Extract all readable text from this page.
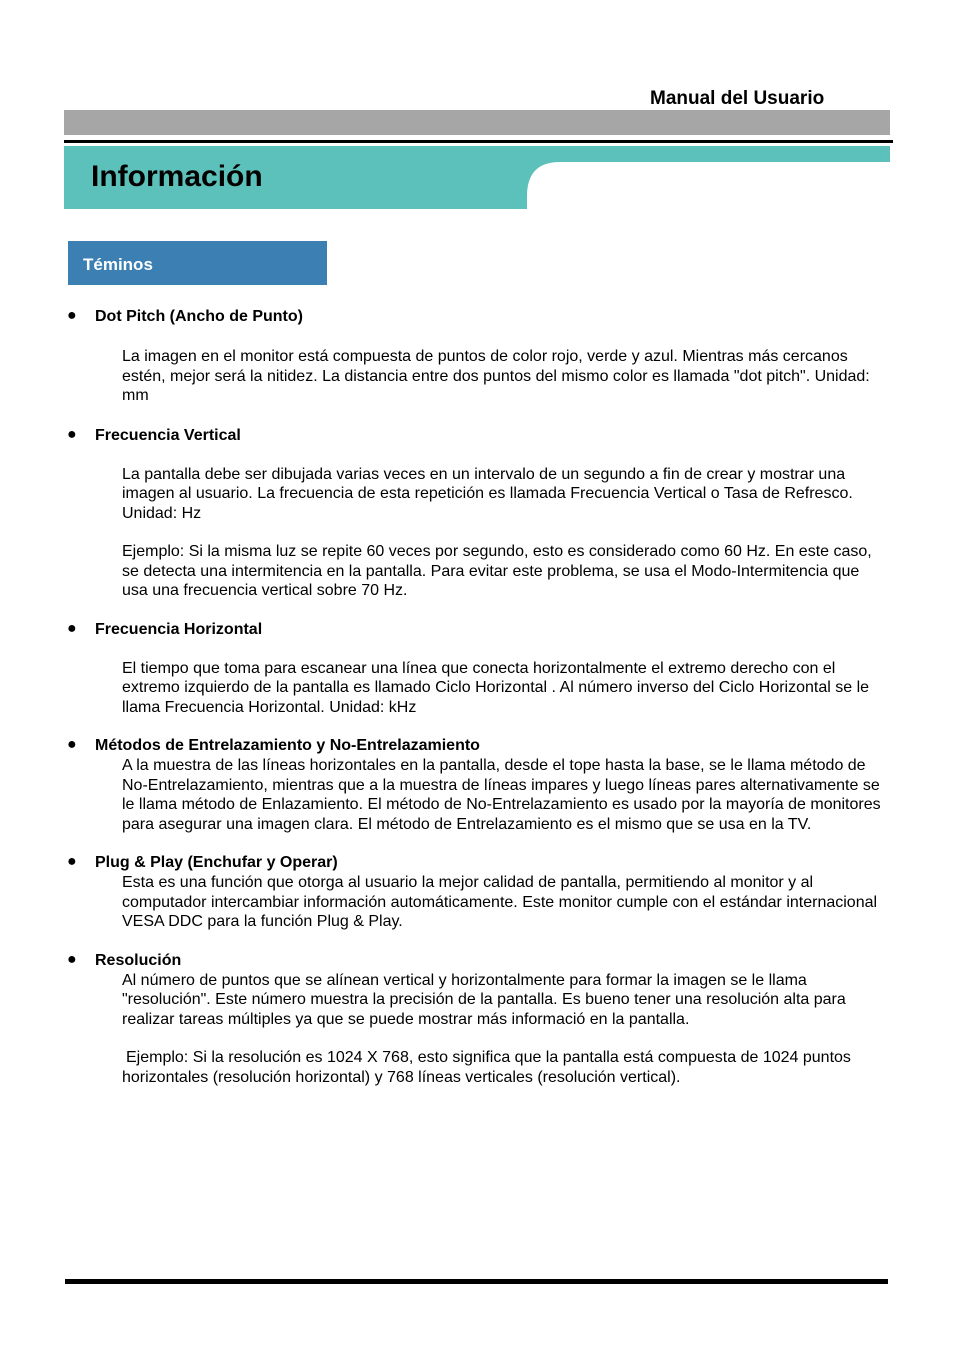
Manual del Usuario
Información
Téminos
● Dot Pitch (Ancho de Punto)

La imagen en el monitor está compuesta de puntos de color rojo, verde y azul. Mientras más cercanos estén, mejor será la nitidez. La distancia entre dos puntos del mismo color es llamada "dot pitch". Unidad: mm

● Frecuencia Vertical

La pantalla debe ser dibujada varias veces en un intervalo de un segundo a fin de crear y mostrar una imagen al usuario. La frecuencia de esta repetición es llamada Frecuencia Vertical o Tasa de Refresco. Unidad: Hz

Ejemplo: Si la misma luz se repite 60 veces por segundo, esto es considerado como 60 Hz. En este caso, se detecta una intermitencia en la pantalla. Para evitar este problema, se usa el Modo-Intermitencia que usa una frecuencia vertical sobre 70 Hz.

● Frecuencia Horizontal

El tiempo que toma para escanear una línea que conecta horizontalmente el extremo derecho con el extremo izquierdo de la pantalla es llamado Ciclo Horizontal . Al número inverso del Ciclo Horizontal se le llama Frecuencia Horizontal. Unidad: kHz

● Métodos de Entrelazamiento y No-Entrelazamiento

A la muestra de las líneas horizontales en la pantalla, desde el tope hasta la base, se le llama método de No-Entrelazamiento, mientras que a la muestra de líneas impares y luego líneas pares alternativamente se le llama método de Enlazamiento. El método de No-Entrelazamiento es usado por la mayoría de monitores para asegurar una imagen clara. El método de Entrelazamiento es el mismo que se usa en la TV.

● Plug & Play (Enchufar y Operar)

Esta es una función que otorga al usuario la mejor calidad de pantalla, permitiendo al monitor y al computador intercambiar información automáticamente. Este monitor cumple con el estándar internacional VESA DDC para la función Plug & Play.

● Resolución

Al número de puntos que se alínean vertical y horizontalmente para formar la imagen se le llama "resolución". Este número muestra la precisión de la pantalla. Es bueno tener una resolución alta para realizar tareas múltiples ya que se puede mostrar más informació en la pantalla.

Ejemplo: Si la resolución es 1024 X 768, esto significa que la pantalla está compuesta de 1024 puntos horizontales (resolución horizontal) y 768 líneas verticales (resolución vertical).
